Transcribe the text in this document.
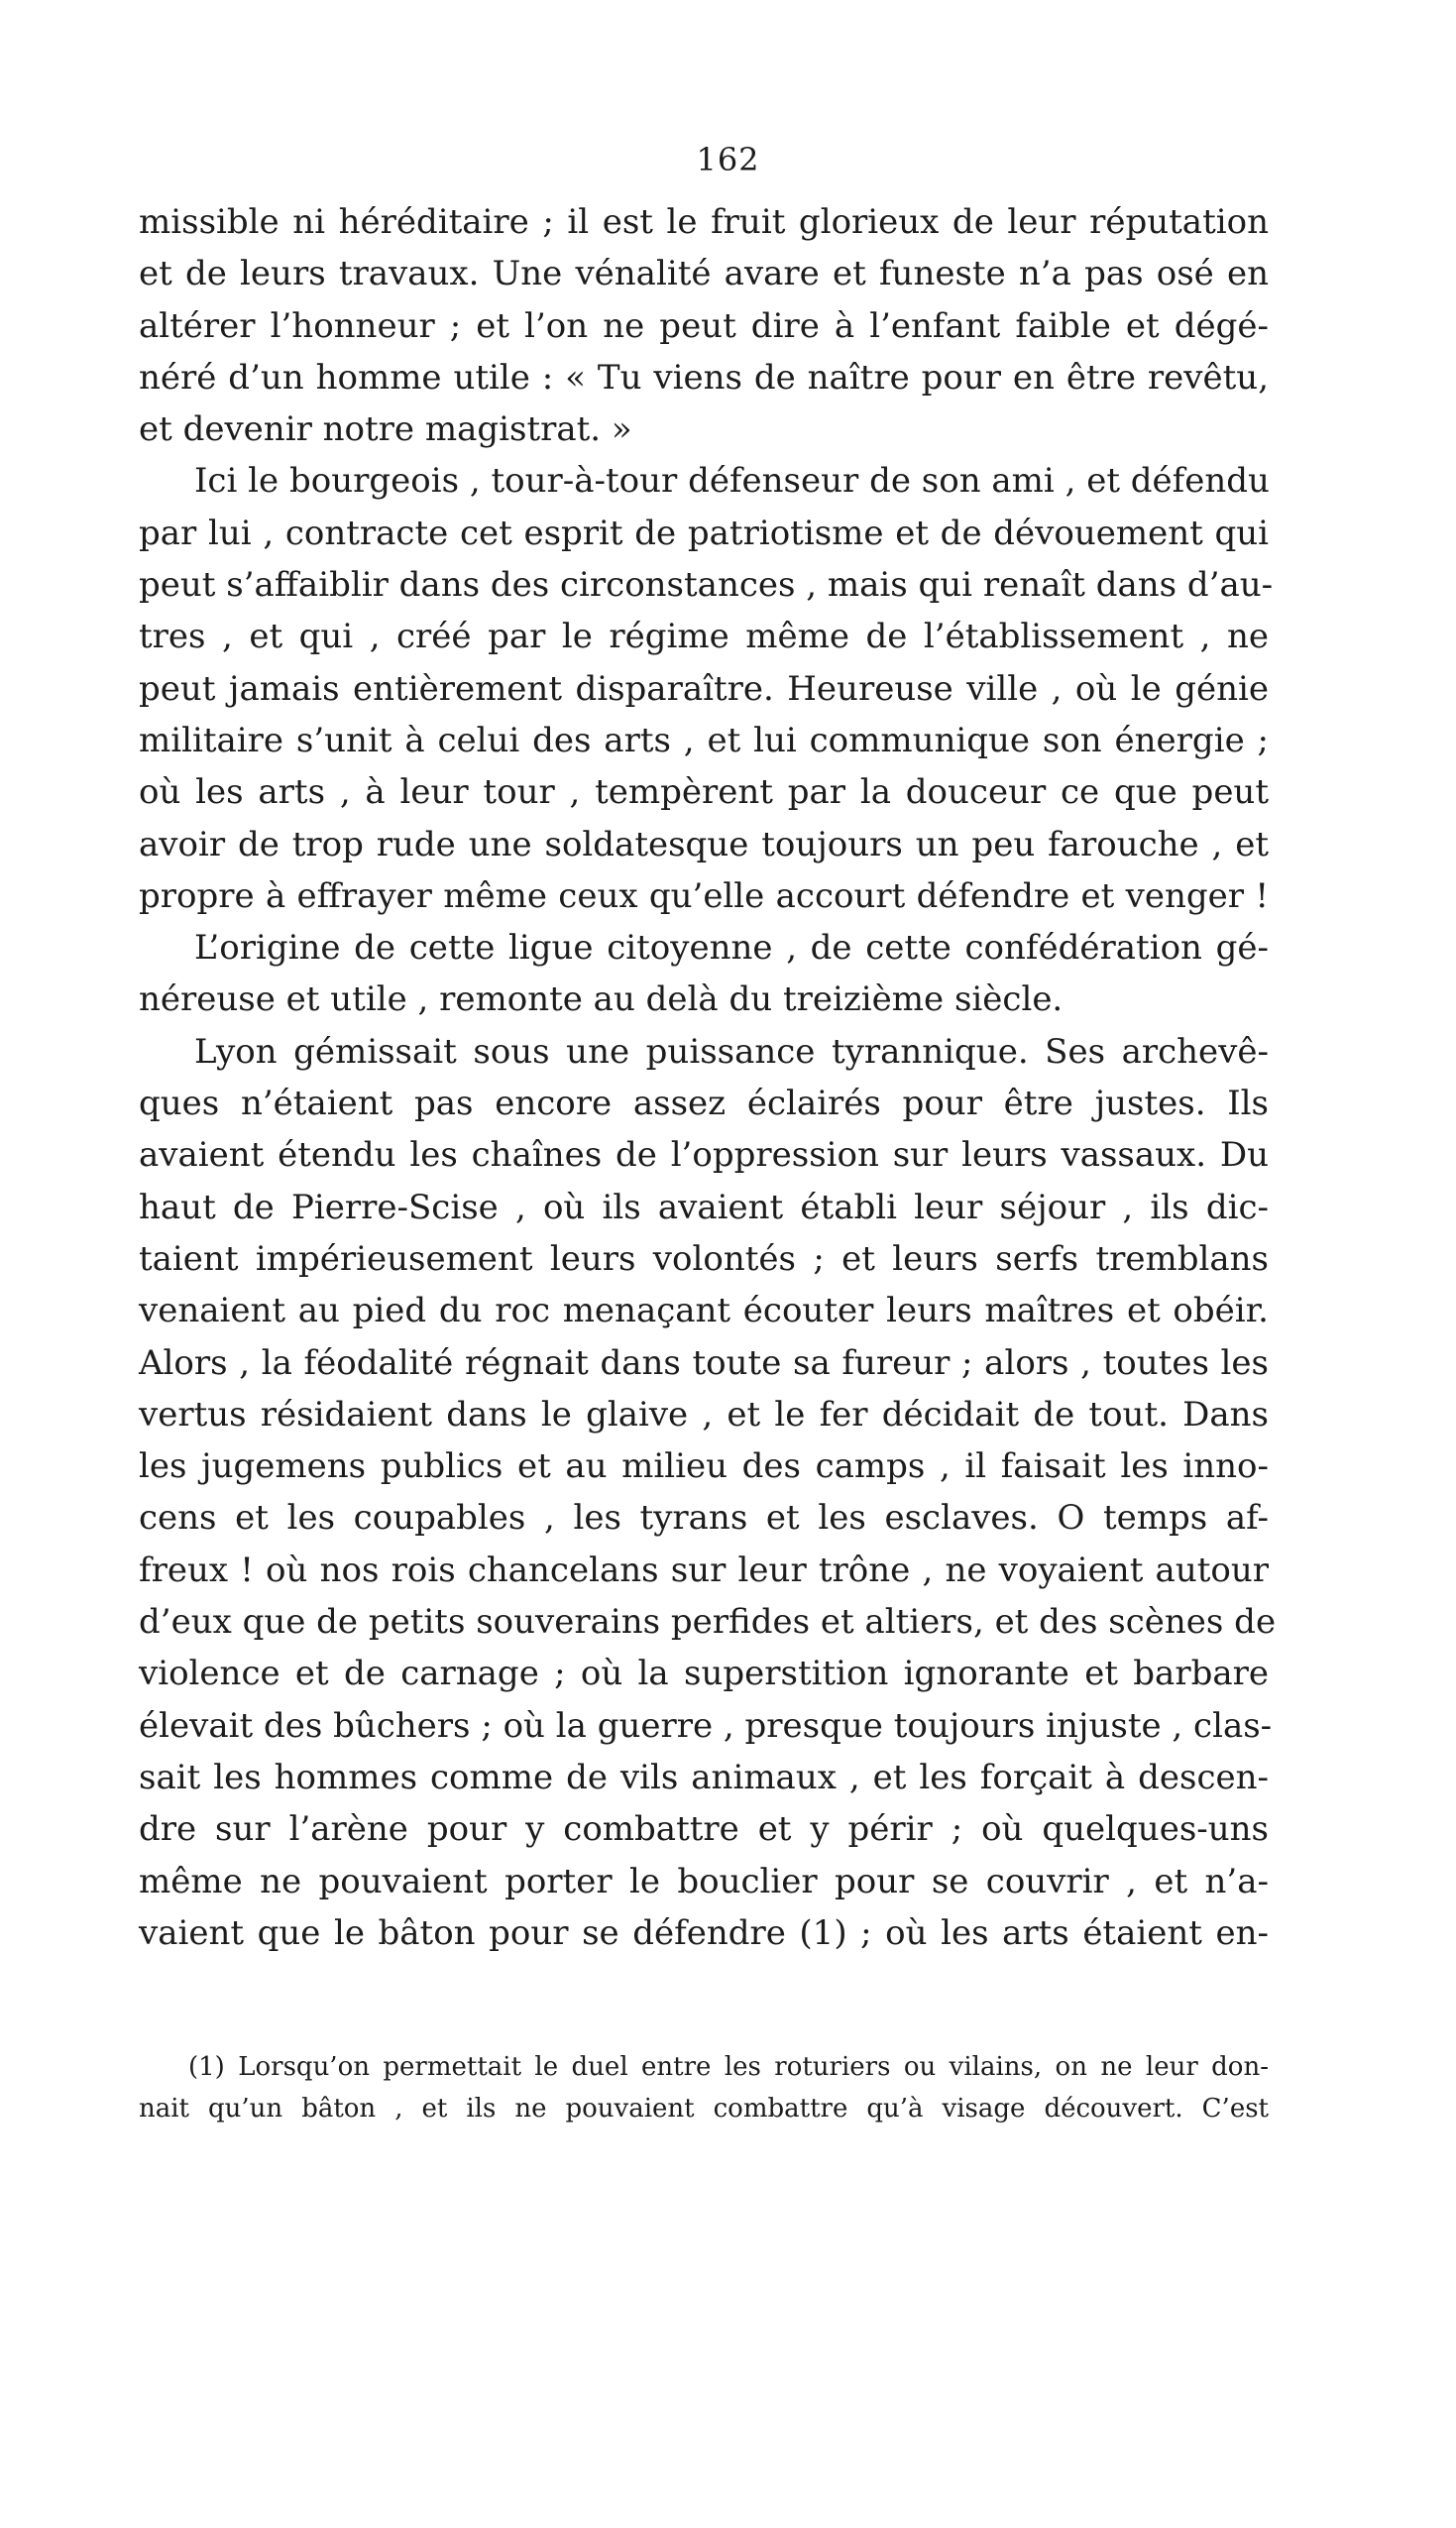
162
missible ni héréditaire ; il est le fruit glorieux de leur réputation
et de leurs travaux. Une vénalité avare et funeste n’a pas osé en
altérer l’honneur ; et l’on ne peut dire à l’enfant faible et dégé-
néré d’un homme utile : « Tu viens de naître pour en être revêtu,
et devenir notre magistrat. »
Ici le bourgeois , tour-à-tour défenseur de son ami , et défendu
par lui , contracte cet esprit de patriotisme et de dévouement qui
peut s’affaiblir dans des circonstances , mais qui renaît dans d’au-
tres , et qui , créé par le régime même de l’établissement , ne
peut jamais entièrement disparaître. Heureuse ville , où le génie
militaire s’unit à celui des arts , et lui communique son énergie ;
où les arts , à leur tour , tempèrent par la douceur ce que peut
avoir de trop rude une soldatesque toujours un peu farouche , et
propre à effrayer même ceux qu’elle accourt défendre et venger !
L’origine de cette ligue citoyenne , de cette confédération gé-
néreuse et utile , remonte au delà du treizième siècle.
Lyon gémissait sous une puissance tyrannique. Ses archevê-
ques n’étaient pas encore assez éclairés pour être justes. Ils
avaient étendu les chaînes de l’oppression sur leurs vassaux. Du
haut de Pierre-Scise , où ils avaient établi leur séjour , ils dic-
taient impérieusement leurs volontés ; et leurs serfs tremblans
venaient au pied du roc menaçant écouter leurs maîtres et obéir.
Alors , la féodalité régnait dans toute sa fureur ; alors , toutes les
vertus résidaient dans le glaive , et le fer décidait de tout. Dans
les jugemens publics et au milieu des camps , il faisait les inno-
cens et les coupables , les tyrans et les esclaves. O temps af-
freux ! où nos rois chancelans sur leur trône , ne voyaient autour
d’eux que de petits souverains perfides et altiers, et des scènes de
violence et de carnage ; où la superstition ignorante et barbare
élevait des bûchers ; où la guerre , presque toujours injuste , clas-
sait les hommes comme de vils animaux , et les forçait à descen-
dre sur l’arène pour y combattre et y périr ; où quelques-uns
même ne pouvaient porter le bouclier pour se couvrir , et n’a-
vaient que le bâton pour se défendre (1) ; où les arts étaient en-
(1) Lorsqu’on permettait le duel entre les roturiers ou vilains, on ne leur don-
nait qu’un bâton , et ils ne pouvaient combattre qu’à visage découvert. C’est
